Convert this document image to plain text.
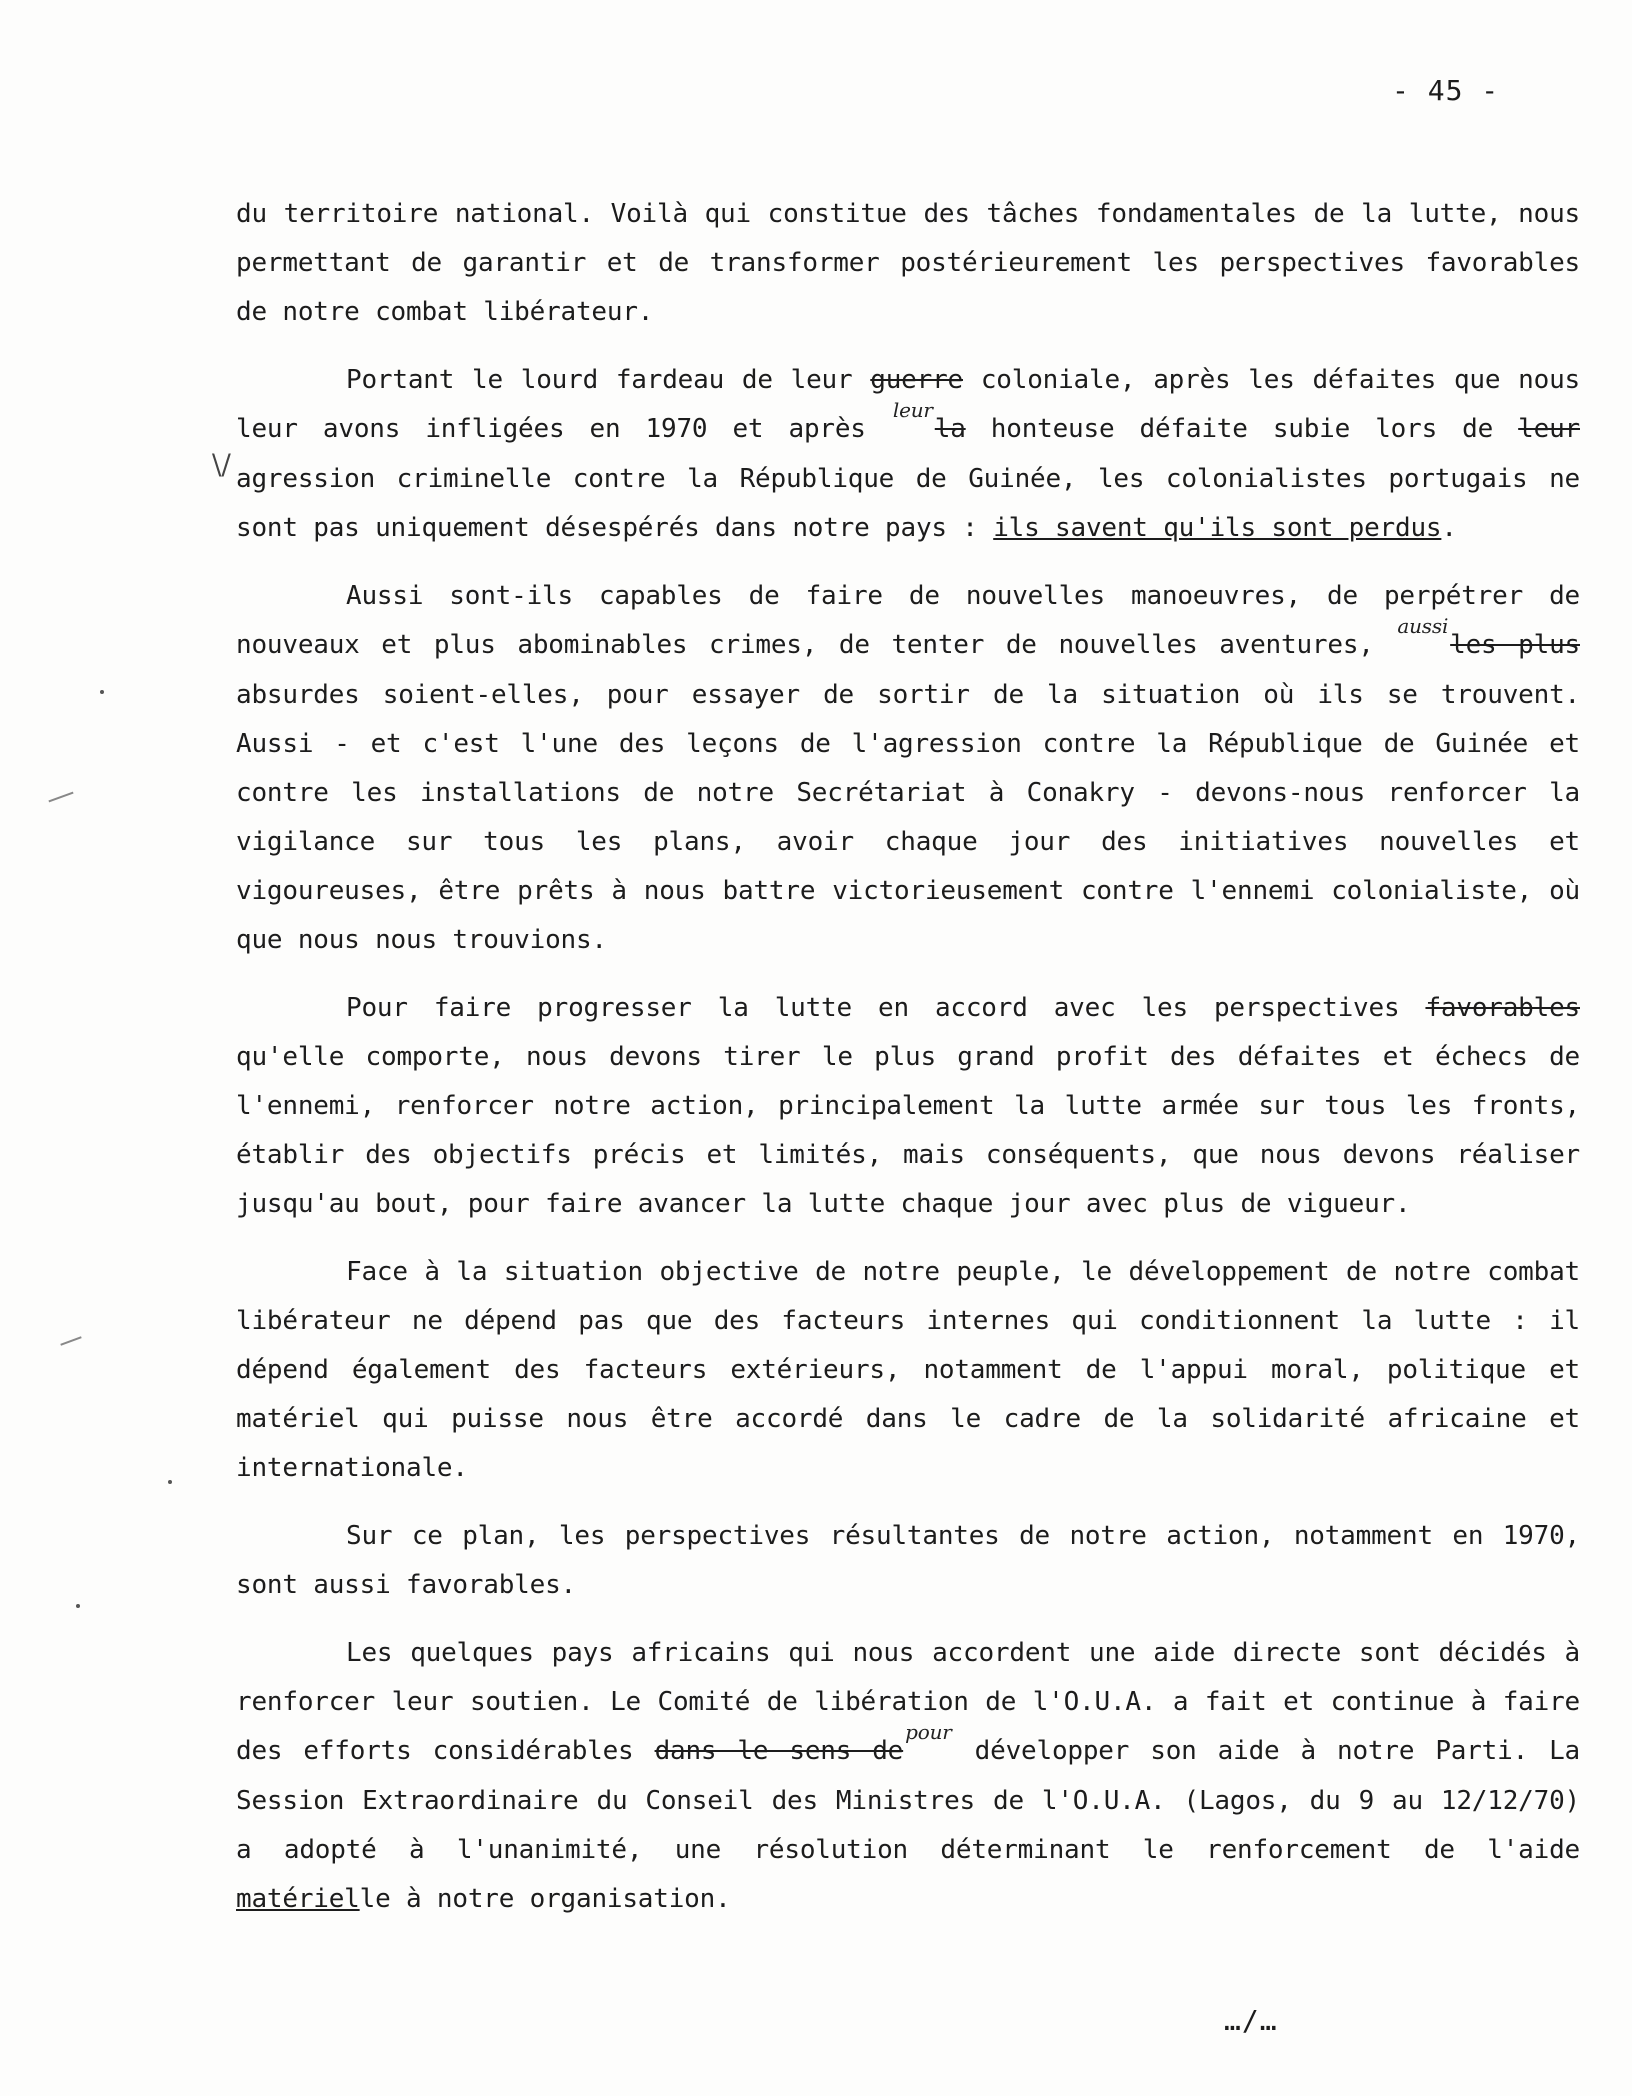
- 45 -
\/

du territoire national. Voilà qui constitue des tâches fondamentales de la lutte, nous permettant de garantir et de transformer postérieurement les perspectives favorables de notre combat libérateur.

Portant le lourd fardeau de leur guerre coloniale, après les défaites que nous leur avons infligées en 1970 et après $^{leur}$la honteuse défaite subie lors de leur agression criminelle contre la République de Guinée, les colonialistes portugais ne sont pas uniquement désespérés dans notre pays : ils savent qu'ils sont perdus.

Aussi sont-ils capables de faire de nouvelles manoeuvres, de perpétrer de nouveaux et plus abominables crimes, de tenter de nouvelles aventures, $^{aussi}$les plus absurdes soient-elles, pour essayer de sortir de la situation où ils se trouvent. Aussi - et c'est l'une des leçons de l'agression contre la République de Guinée et contre les installations de notre Secrétariat à Conakry - devons-nous renforcer la vigilance sur tous les plans, avoir chaque jour des initiatives nouvelles et vigoureuses, être prêts à nous battre victorieusement contre l'ennemi colonialiste, où que nous nous trouvions.

Pour faire progresser la lutte en accord avec les perspectives favorables qu'elle comporte, nous devons tirer le plus grand profit des défaites et échecs de l'ennemi, renforcer notre action, principalement la lutte armée sur tous les fronts, établir des objectifs précis et limités, mais conséquents, que nous devons réaliser jusqu'au bout, pour faire avancer la lutte chaque jour avec plus de vigueur.

Face à la situation objective de notre peuple, le développement de notre combat libérateur ne dépend pas que des facteurs internes qui conditionnent la lutte : il dépend également des facteurs extérieurs, notamment de l'appui moral, politique et matériel qui puisse nous être accordé dans le cadre de la solidarité africaine et internationale.

Sur ce plan, les perspectives résultantes de notre action, notamment en 1970, sont aussi favorables.

Les quelques pays africains qui nous accordent une aide directe sont décidés à renforcer leur soutien. Le Comité de libération de l'O.U.A. a fait et continue à faire des efforts considérables dans le sens $de^{pour}$ développer son aide à notre Parti. La Session Extraordinaire du Conseil des Ministres de l'O.U.A. (Lagos, du 9 au 12/12/70) a adopté à l'unanimité, une résolution déterminant le renforcement de l'aide matérielle à notre organisation.

…/…
